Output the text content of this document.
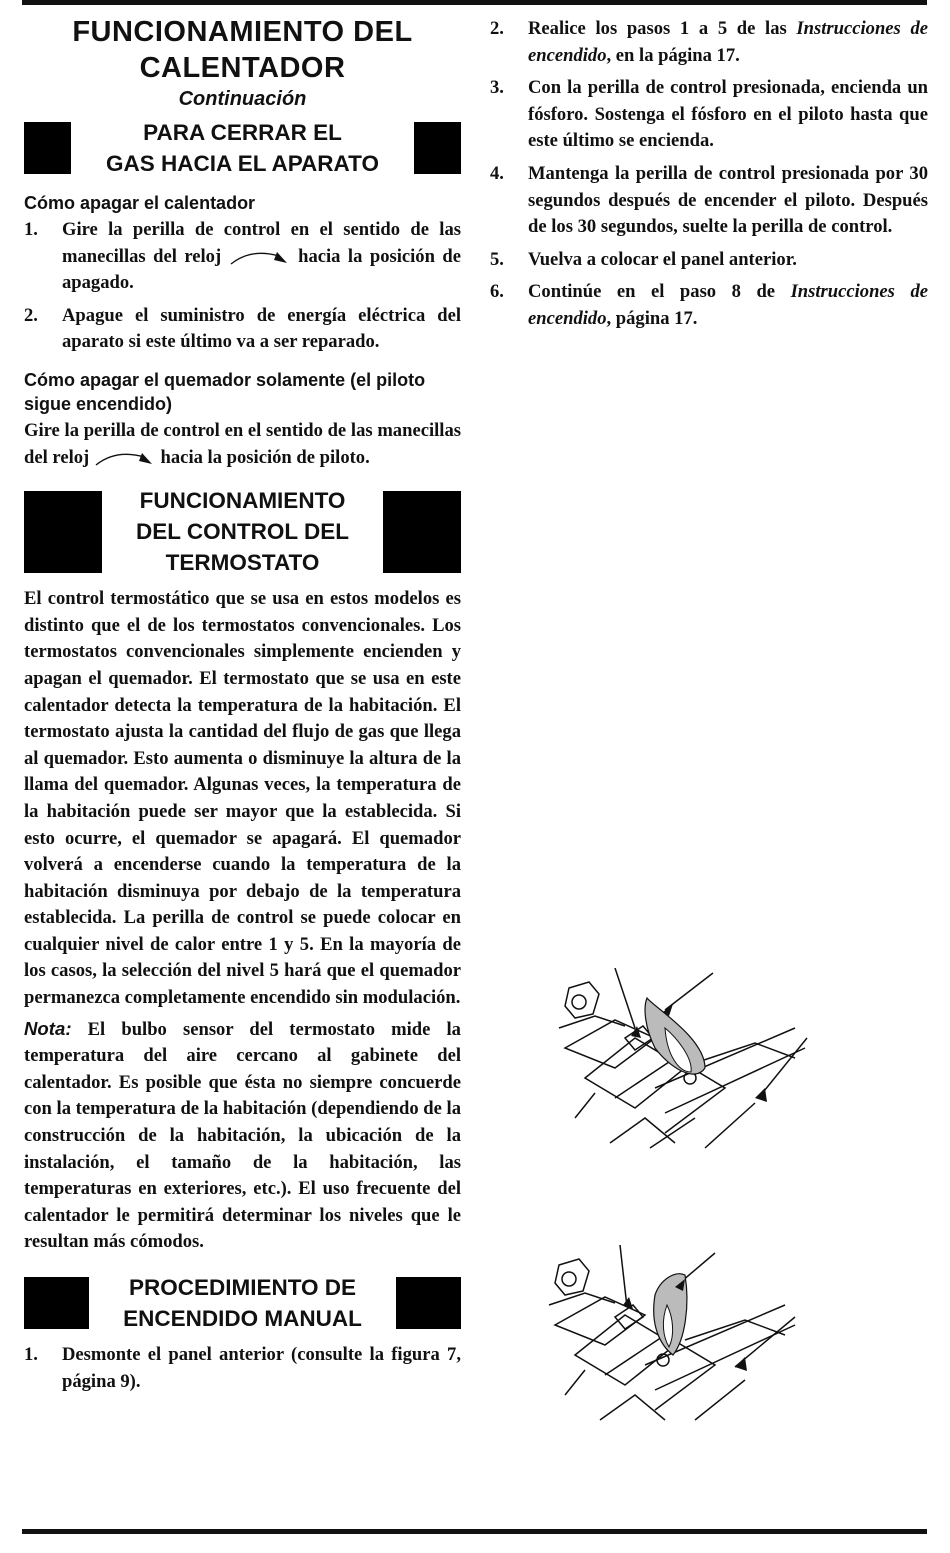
FUNCIONAMIENTO DEL
CALENTADOR
Continuación
PARA CERRAR EL
GAS HACIA EL APARATO
Cómo apagar el calentador
1. Gire la perilla de control en el sentido de las manecillas del reloj	hacia la posición de apagado.
2. Apague el suministro de energía eléctrica del aparato si este último va a ser reparado.
Cómo apagar el quemador solamente (el piloto sigue encendido)

Gire la perilla de control en el sentido de las manecillas del reloj	hacia la posición de piloto.

FUNCIONAMIENTO
DEL CONTROL DEL
TERMOSTATO

El control termostático que se usa en estos modelos es distinto que el de los termostatos convencionales. Los termostatos convencionales simplemente encienden y apagan el quemador. El termostato que se usa en este calentador detecta la temperatura de la habitación. El termostato ajusta la cantidad del flujo de gas que llega al quemador. Esto aumenta o disminuye la altura de la llama del quemador. Algunas veces, la temperatura de la habitación puede ser mayor que la establecida. Si esto ocurre, el quemador se apagará. El quemador volverá a encenderse cuando la temperatura de la habitación disminuya por debajo de la temperatura establecida. La perilla de control se puede colocar en cualquier nivel de calor entre 1 y 5. En la mayoría de los casos, la selección del nivel 5 hará que el quemador permanezca completamente encendido sin modulación.

Nota: El bulbo sensor del termostato mide la temperatura del aire cercano al gabinete del calentador. Es posible que ésta no siempre concuerde con la temperatura de la habitación (dependiendo de la construcción de la habitación, la ubicación de la instalación, el tamaño de la habitación, las temperaturas en exteriores, etc.). El uso frecuente del calentador le permitirá determinar los niveles que le resultan más cómodos.

PROCEDIMIENTO DE
ENCENDIDO MANUAL
1. Desmonte el panel anterior (consulte la figura 7, página 9).
2. Realice los pasos 1 a 5 de las Instrucciones de encendido, en la página 17.
3. Con la perilla de control presionada, encienda un fósforo. Sostenga el fósforo en el piloto hasta que este último se encienda.
4. Mantenga la perilla de control presionada por 30 segundos después de encender el piloto. Después de los 30 segundos, suelte la perilla de control.
5. Vuelva a colocar el panel anterior.
6. Continúe en el paso 8 de Instrucciones de encendido, página 17.
